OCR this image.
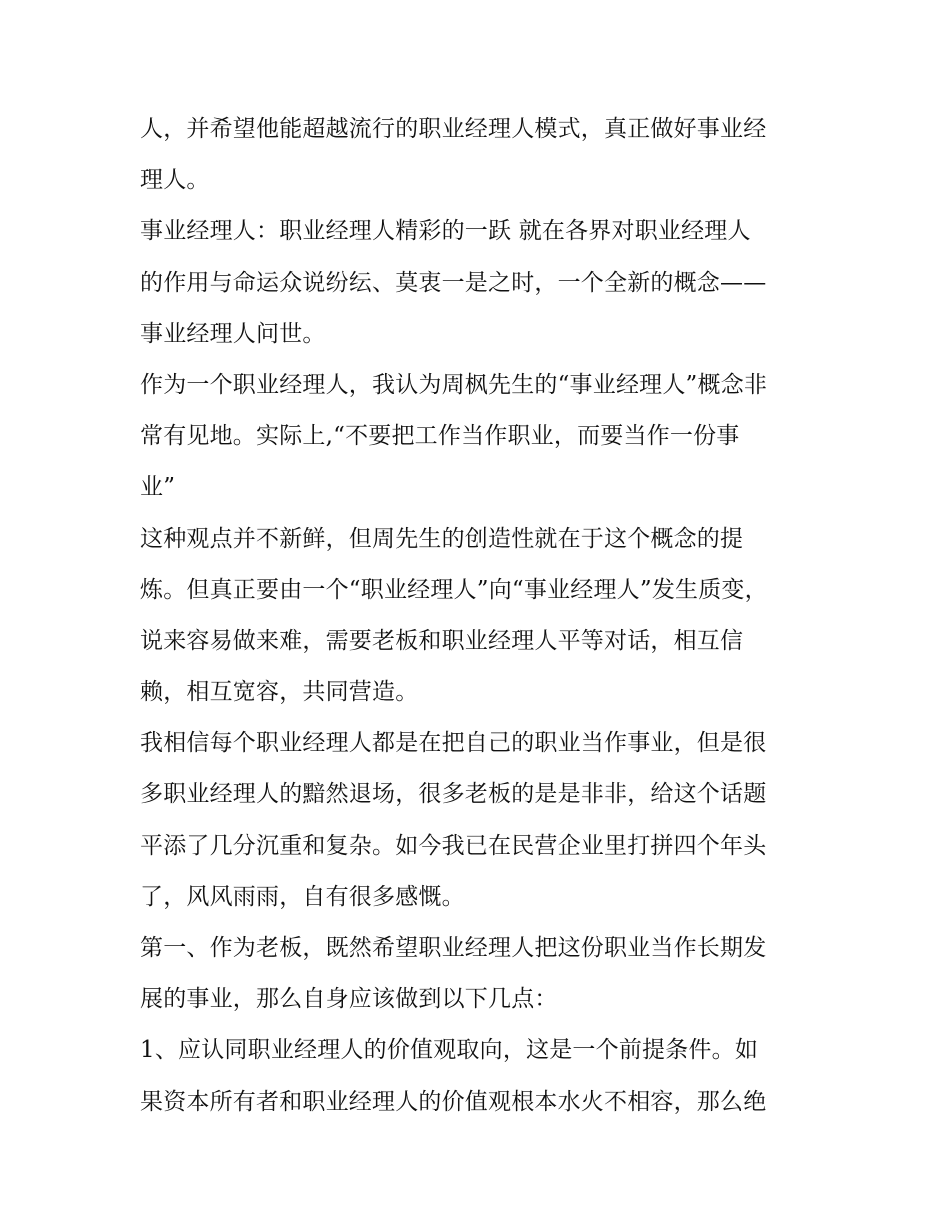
人，并希望他能超越流行的职业经理人模式，真正做好事业经
理人。
事业经理人：职业经理人精彩的一跃 就在各界对职业经理人
的作用与命运众说纷纭、莫衷一是之时，一个全新的概念——
事业经理人问世。
作为一个职业经理人，我认为周枫先生的“事业经理人”概念非
常有见地。实际上,“不要把工作当作职业，而要当作一份事
业”
这种观点并不新鲜，但周先生的创造性就在于这个概念的提
炼。但真正要由一个“职业经理人”向“事业经理人”发生质变，
说来容易做来难，需要老板和职业经理人平等对话，相互信
赖，相互宽容，共同营造。
我相信每个职业经理人都是在把自己的职业当作事业，但是很
多职业经理人的黯然退场，很多老板的是是非非，给这个话题
平添了几分沉重和复杂。如今我已在民营企业里打拼四个年头
了，风风雨雨，自有很多感慨。
第一、作为老板，既然希望职业经理人把这份职业当作长期发
展的事业，那么自身应该做到以下几点：
1、应认同职业经理人的价值观取向，这是一个前提条件。如
果资本所有者和职业经理人的价值观根本水火不相容，那么绝
